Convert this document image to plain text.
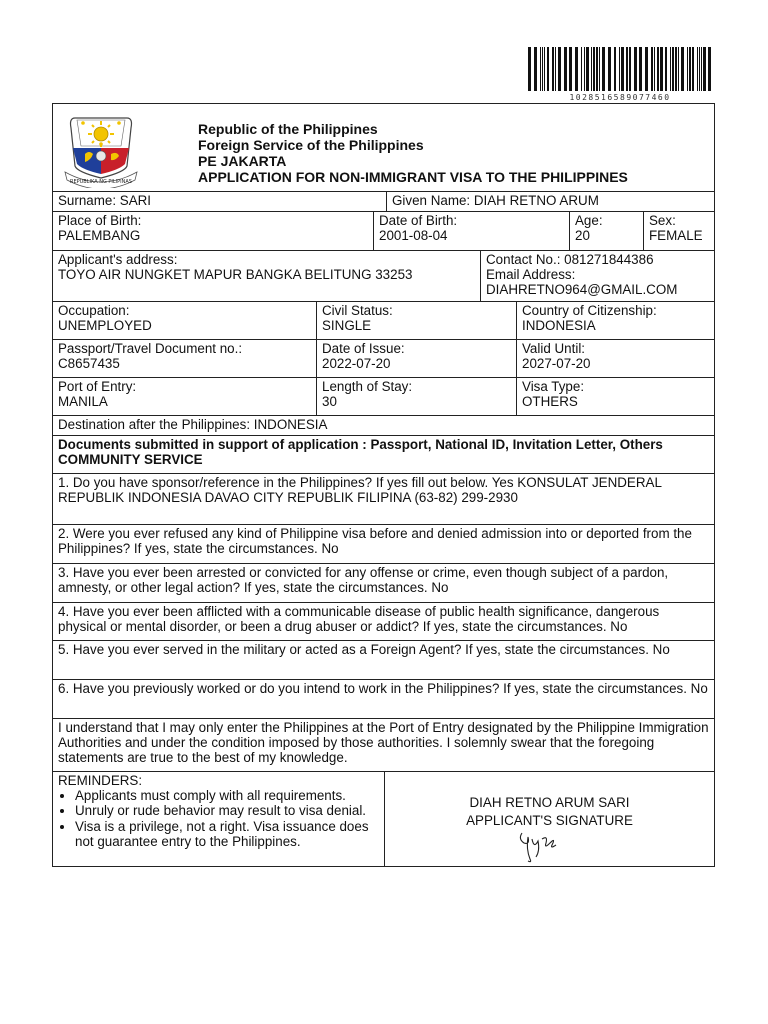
1028516589077460
REPUBLIKA NG PILIPINAS
Republic of the Philippines
Foreign Service of the Philippines
PE JAKARTA
APPLICATION FOR NON-IMMIGRANT VISA TO THE PHILIPPINES
Surname: SARI	Given Name: DIAH RETNO ARUM
Place of Birth:
PALEMBANG
Date of Birth:
2001-08-04
Age:
20
Sex:
FEMALE
Applicant's address:
TOYO AIR NUNGKET MAPUR BANGKA BELITUNG 33253
Contact No.: 081271844386
Email Address:
DIAHRETNO964@GMAIL.COM
Occupation:
UNEMPLOYED
Civil Status:
SINGLE
Country of Citizenship:
INDONESIA
Passport/Travel Document no.:
C8657435
Date of Issue:
2022-07-20
Valid Until:
2027-07-20
Port of Entry:
MANILA
Length of Stay:
30
Visa Type:
OTHERS
Destination after the Philippines: INDONESIA
Documents submitted in support of application : Passport, National ID, Invitation Letter, Others COMMUNITY SERVICE
1. Do you have sponsor/reference in the Philippines? If yes fill out below. Yes KONSULAT JENDERAL REPUBLIK INDONESIA DAVAO CITY REPUBLIK FILIPINA (63-82) 299-2930
2. Were you ever refused any kind of Philippine visa before and denied admission into or deported from the Philippines? If yes, state the circumstances. No
3. Have you ever been arrested or convicted for any offense or crime, even though subject of a pardon, amnesty, or other legal action? If yes, state the circumstances. No
4. Have you ever been afflicted with a communicable disease of public health significance, dangerous physical or mental disorder, or been a drug abuser or addict? If yes, state the circumstances. No
5. Have you ever served in the military or acted as a Foreign Agent? If yes, state the circumstances. No
6. Have you previously worked or do you intend to work in the Philippines? If yes, state the circumstances. No
I understand that I may only enter the Philippines at the Port of Entry designated by the Philippine Immigration Authorities and under the condition imposed by those authorities. I solemnly swear that the foregoing statements are true to the best of my knowledge.
REMINDERS:
• Applicants must comply with all requirements.
• Unruly or rude behavior may result to visa denial.
• Visa is a privilege, not a right. Visa issuance does not guarantee entry to the Philippines.
DIAH RETNO ARUM SARI
APPLICANT'S SIGNATURE
